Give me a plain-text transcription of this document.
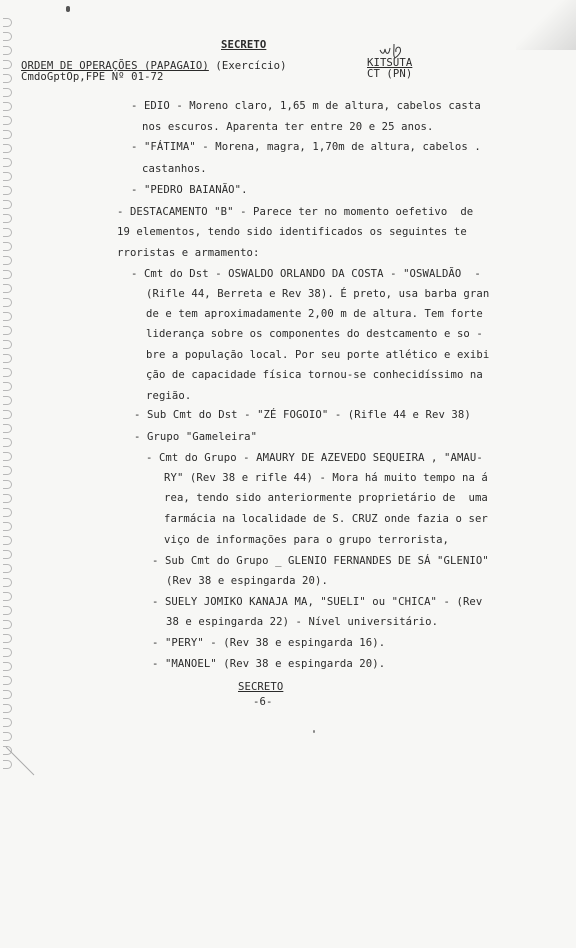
SECRETO
ORDEM DE OPERAÇÕES (PAPAGAIO) (Exercício)
CmdoGptOp,FPE Nº 01-72
KITSUTA
CT (PN)
- EDIO - Moreno claro, 1,65 m de altura, cabelos casta
nos escuros. Aparenta ter entre 20 e 25 anos.
- "FÁTIMA" - Morena, magra, 1,70m de altura, cabelos .
castanhos.
- "PEDRO BAIANÃO".
- DESTACAMENTO "B" - Parece ter no momento oefetivo  de
19 elementos, tendo sido identificados os seguintes te
rroristas e armamento:
- Cmt do Dst - OSWALDO ORLANDO DA COSTA - "OSWALDÃO  -
(Rifle 44, Berreta e Rev 38). É preto, usa barba gran
de e tem aproximadamente 2,00 m de altura. Tem forte
liderança sobre os componentes do destcamento e so -
bre a população local. Por seu porte atlético e exibi
ção de capacidade física tornou-se conhecidíssimo na
região.
- Sub Cmt do Dst - "ZÉ FOGOIO" - (Rifle 44 e Rev 38)
- Grupo "Gameleira"
- Cmt do Grupo - AMAURY DE AZEVEDO SEQUEIRA , "AMAU-
RY" (Rev 38 e rifle 44) - Mora há muito tempo na á
rea, tendo sido anteriormente proprietário de  uma
farmácia na localidade de S. CRUZ onde fazia o ser
viço de informações para o grupo terrorista,
- Sub Cmt do Grupo _ GLENIO FERNANDES DE SÁ "GLENIO"
(Rev 38 e espingarda 20).
- SUELY JOMIKO KANAJA MA, "SUELI" ou "CHICA" - (Rev
38 e espingarda 22) - Nível universitário.
- "PERY" - (Rev 38 e espingarda 16).
- "MANOEL" (Rev 38 e espingarda 20).
SECRETO
-6-
